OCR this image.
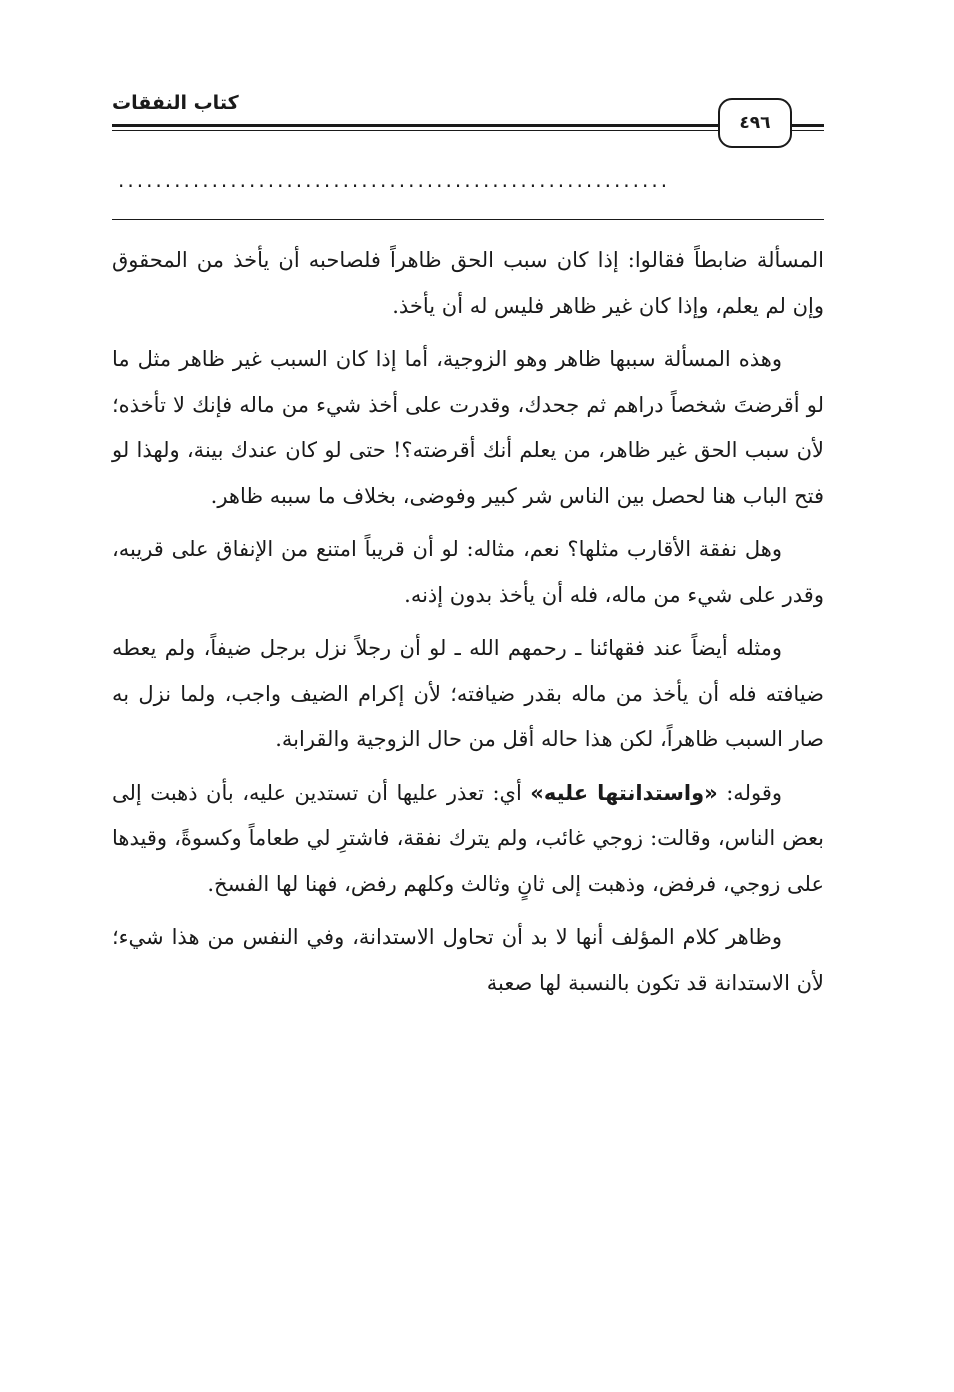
كتاب النفقات
٤٩٦
...........................................................

المسألة ضابطاً فقالوا: إذا كان سبب الحق ظاهراً فلصاحبه أن يأخذ من المحقوق وإن لم يعلم، وإذا كان غير ظاهر فليس له أن يأخذ.

وهذه المسألة سببها ظاهر وهو الزوجية، أما إذا كان السبب غير ظاهر مثل ما لو أقرضتَ شخصاً دراهم ثم جحدك، وقدرت على أخذ شيء من ماله فإنك لا تأخذه؛ لأن سبب الحق غير ظاهر، من يعلم أنك أقرضته؟! حتى لو كان عندك بينة، ولهذا لو فتح الباب هنا لحصل بين الناس شر كبير وفوضى، بخلاف ما سببه ظاهر.

وهل نفقة الأقارب مثلها؟ نعم، مثاله: لو أن قريباً امتنع من الإنفاق على قريبه، وقدر على شيء من ماله، فله أن يأخذ بدون إذنه.

ومثله أيضاً عند فقهائنا ـ رحمهم الله ـ لو أن رجلاً نزل برجل ضيفاً، ولم يعطه ضيافته فله أن يأخذ من ماله بقدر ضيافته؛ لأن إكرام الضيف واجب، ولما نزل به صار السبب ظاهراً، لكن هذا حاله أقل من حال الزوجية والقرابة.

وقوله: «واستدانتها عليه» أي: تعذر عليها أن تستدين عليه، بأن ذهبت إلى بعض الناس، وقالت: زوجي غائب، ولم يترك نفقة، فاشترِ لي طعاماً وكسوةً، وقيدها على زوجي، فرفض، وذهبت إلى ثانٍ وثالث وكلهم رفض، فهنا لها الفسخ.

وظاهر كلام المؤلف أنها لا بد أن تحاول الاستدانة، وفي النفس من هذا شيء؛ لأن الاستدانة قد تكون بالنسبة لها صعبة
